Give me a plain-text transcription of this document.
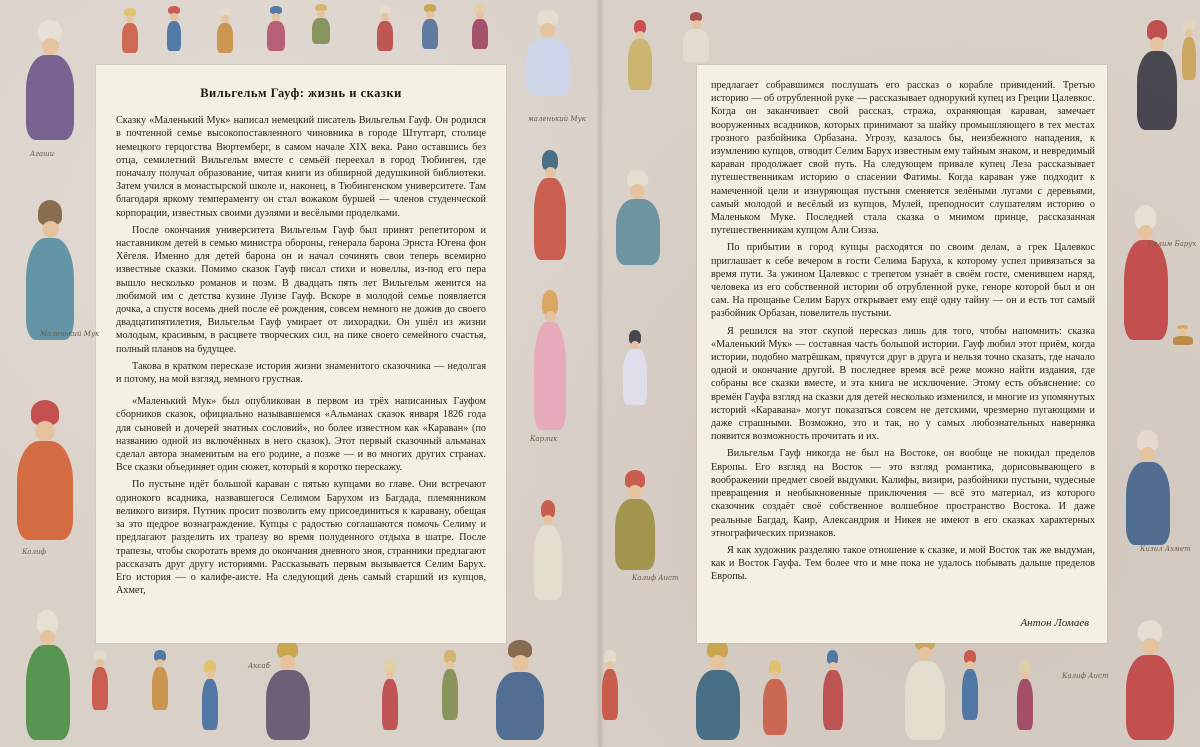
Вильгельм Гауф: жизнь и сказки

Сказку «Маленький Мук» написал немецкий писатель Вильгельм Гауф. Он родился в почтенной семье высокопоставленного чиновника в городе Штутгарт, столице немецкого герцогства Вюртемберг, в самом начале XIX века. Рано оставшись без отца, семилетний Вильгельм вместе с семьёй переехал в город Тюбинген, где поначалу получал образование, читая книги из обширной дедушкиной библиотеки. Затем учился в монастырской школе и, наконец, в Тюбингенском университете. Там благодаря яркому темпераменту он стал вожаком буршей — членов студенческой корпорации, известных своими дуэлями и весёлыми проделками.

После окончания университета Вильгельм Гауф был принят репетитором и наставником детей в семью министра обороны, генерала барона Эрнста Югена фон Хёгеля. Именно для детей барона он и начал сочинять свои теперь всемирно известные сказки. Помимо сказок Гауф писал стихи и новеллы, из-под его пера вышло несколько романов и поэм. В двадцать пять лет Вильгельм женится на любимой им с детства кузине Луизе Гауф. Вскоре в молодой семье появляется дочка, а спустя восемь дней после её рождения, совсем немного не дожив до своего двадцатипятилетия, Вильгельм Гауф умирает от лихорадки. Он ушёл из жизни молодым, красивым, в расцвете творческих сил, на пике своего семейного счастья, полный планов на будущее.

Такова в кратком пересказе история жизни знаменитого сказочника — недолгая и потому, на мой взгляд, немного грустная.

«Маленький Мук» был опубликован в первом из трёх написанных Гауфом сборников сказок, официально называвшемся «Альманах сказок января 1826 года для сыновей и дочерей знатных сословий», но более известном как «Караван» (по названию одной из включённых в него сказок). Этот первый сказочный альманах сделал автора знаменитым на его родине, а позже — и во многих других странах. Все сказки объединяет один сюжет, который я коротко перескажу.

По пустыне идёт большой караван с пятью купцами во главе. Они встречают одинокого всадника, назвавшегося Селимом Барухом из Багдада, племянником великого визиря. Путник просит позволить ему присоединиться к каравану, обещая за это щедрое вознаграждение. Купцы с радостью соглашаются помочь Селиму и предлагают разделить их трапезу во время полуденного отдыха в шатре. После трапезы, чтобы скоротать время до окончания дневного зноя, странники предлагают рассказать друг другу историями. Рассказывать первым вызывается Селим Барух. Его история — о калифе-аисте. На следующий день самый старший из купцов, Ахмет,

предлагает собравшимся послушать его рассказ о корабле привидений. Третью историю — об отрубленной руке — рассказывает однорукий купец из Греции Цалевкос. Когда он заканчивает свой рассказ, стража, охраняющая караван, замечает вооруженных всадников, которых принимают за шайку промышляющего в тех местах грозного разбойника Орбазана. Угрозу, казалось бы, неизбежного нападения, к изумлению купцов, отводит Селим Барух известным ему тайным знаком, и невредимый караван продолжает свой путь. На следующем привале купец Леза рассказывает путешественникам историю о спасении Фатимы. Когда караван уже подходит к намеченной цели и изнуряющая пустыня сменяется зелёными лугами с деревьями, самый молодой и весёлый из купцов, Мулей, преподносит слушателям историю о Маленьком Муке. Последней стала сказка о мнимом принце, рассказанная путешественникам купцом Али Сизза.

По прибытии в город купцы расходятся по своим делам, а грек Цалевкос приглашает к себе вечером в гости Селима Баруха, к которому успел привязаться за время пути. За ужином Цалевкос с трепетом узнаёт в своём госте, сменившем наряд, человека из его собственной истории об отрубленной руке, геноре которой был и он сам. На прощанье Селим Барух открывает ему ещё одну тайну — он и есть тот самый разбойник Орбазан, повелитель пустыни.

Я решился на этот скупой пересказ лишь для того, чтобы напомнить: сказка «Маленький Мук» — составная часть большой истории. Гауф любил этот приём, когда истории, подобно матрёшкам, прячутся друг в друга и нельзя точно сказать, где начало одной и окончание другой. В последнее время всё реже можно найти издания, где собраны все сказки вместе, и эта книга не исключение. Этому есть объяснение: со времён Гауфа взгляд на сказки для детей несколько изменился, и многие из упомянутых историй «Каравана» могут показаться совсем не детскими, чрезмерно пугающими и даже страшными. Возможно, это и так, но у самых любознательных наверняка появится возможность прочитать и их.

Вильгельм Гауф никогда не был на Востоке, он вообще не покидал пределов Европы. Его взгляд на Восток — это взгляд романтика, дорисовывающего в воображении предмет своей выдумки. Калифы, визири, разбойники пустыни, чудесные превращения и необыкновенные приключения — всё это материал, из которого сказочник создаёт своё собственное волшебное пространство Востока. И даже реальные Багдад, Каир, Александрия и Никея не имеют в его сказках характерных этнографических признаков.

Я как художник разделяю такое отношение к сказке, и мой Восток так же выдуман, как и Восток Гауфа. Тем более что и мне пока не удалось побывать дальше пределов Европы.

Антон Ломаев
Агаши
Маленький Мук
Калиф
маленький Мук
Карлик
Калиф Аист
Селим Барух
Кизил Ахмет
Аксаб
Калиф Аист
